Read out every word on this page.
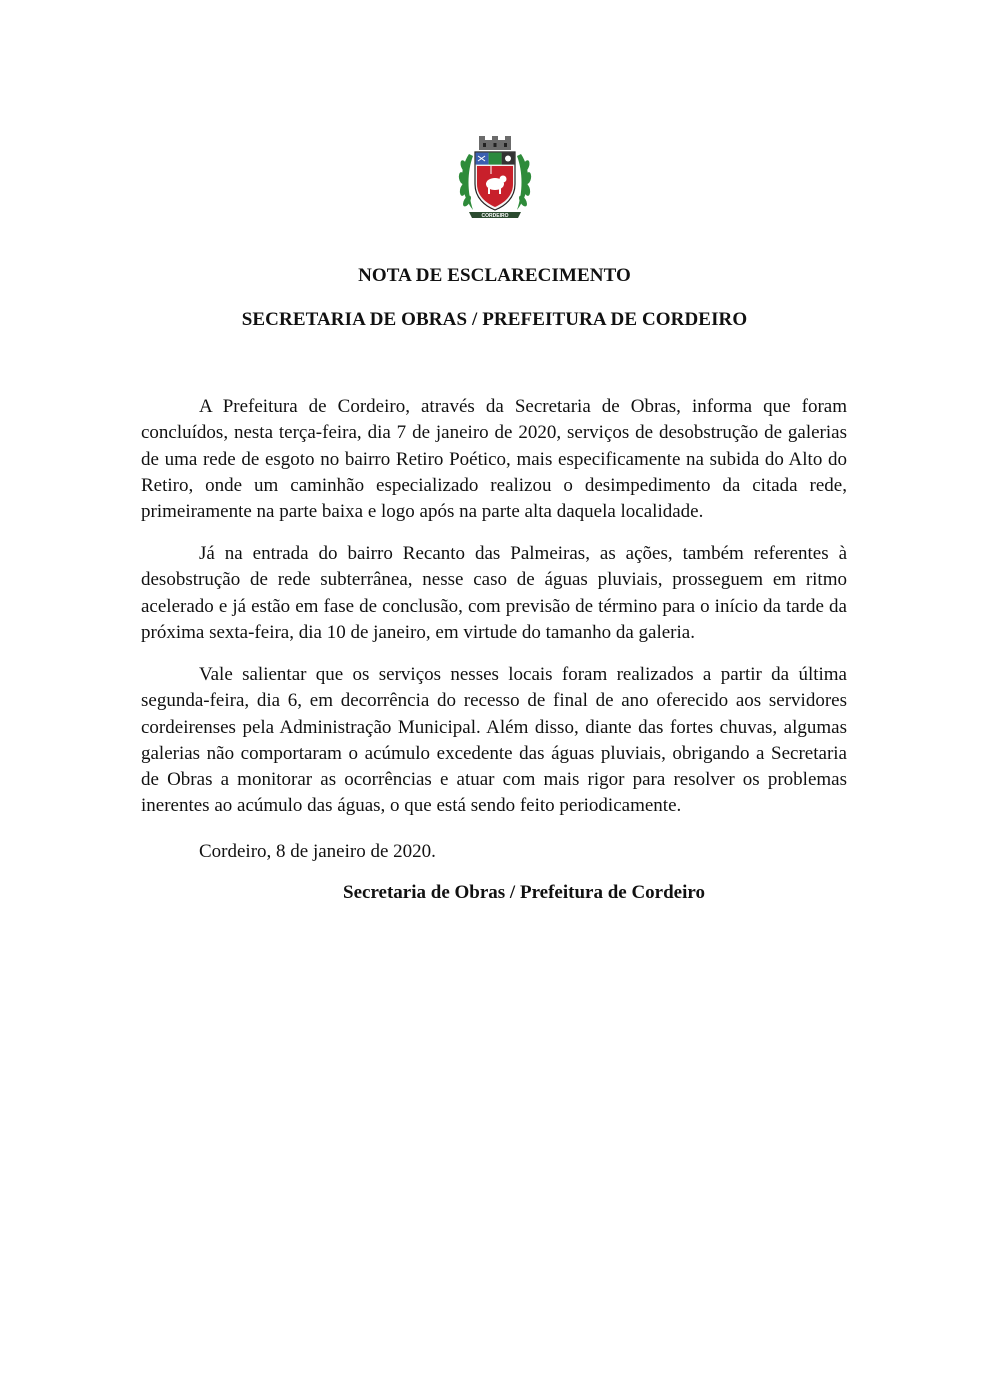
CORDEIRO
NOTA DE ESCLARECIMENTO
SECRETARIA DE OBRAS / PREFEITURA DE CORDEIRO

A Prefeitura de Cordeiro, através da Secretaria de Obras, informa que foram concluídos, nesta terça-feira, dia 7 de janeiro de 2020, serviços de desobstrução de galerias de uma rede de esgoto no bairro Retiro Poético, mais especificamente na subida do Alto do Retiro, onde um caminhão especializado realizou o desimpedimento da citada rede, primeiramente na parte baixa e logo após na parte alta daquela localidade.

Já na entrada do bairro Recanto das Palmeiras, as ações, também referentes à desobstrução de rede subterrânea, nesse caso de águas pluviais, prosseguem em ritmo acelerado e já estão em fase de conclusão, com previsão de término para o início da tarde da próxima sexta-feira, dia 10 de janeiro, em virtude do tamanho da galeria.

Vale salientar que os serviços nesses locais foram realizados a partir da última segunda-feira, dia 6, em decorrência do recesso de final de ano oferecido aos servidores cordeirenses pela Administração Municipal. Além disso, diante das fortes chuvas, algumas galerias não comportaram o acúmulo excedente das águas pluviais, obrigando a Secretaria de Obras a monitorar as ocorrências e atuar com mais rigor para resolver os problemas inerentes ao acúmulo das águas, o que está sendo feito periodicamente.

Cordeiro, 8 de janeiro de 2020.

Secretaria de Obras / Prefeitura de Cordeiro
